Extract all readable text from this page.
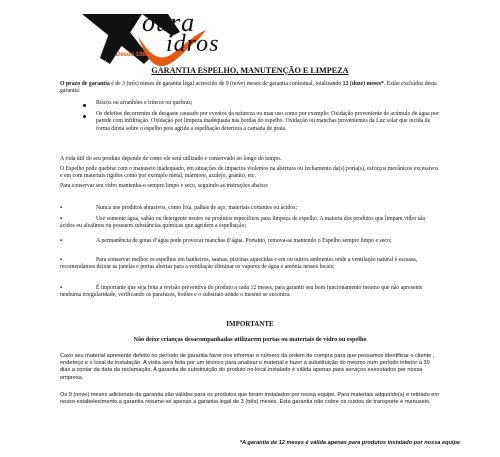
oura
idros
Desde 1980
GARANTIA ESPELHO, MANUTENÇÃO E LIMPEZA
O prazo de garantia é de 3 (três) meses de garantia legal acrescido de 9 (nove) meses de garantia contratual, totalizando 12 (doze) meses*. Estão excluídos desta garantia:
Riscos ou arranhões e trincos ou quebras;
Os defeitos decorrentes de desgaste causado por eventos da natureza ou mau uso como por exemplo: Oxidação proveniente de acúmulo de água por parede com infiltração. Oxidação por limpeza inadequada nas bordas do espelho. Oxidação ou manchas provenientes da Luz solar que incida de forma direta sobre o espelho pois agride a espelhação deteriora a camada de prata.
A vida útil do seu produto depende de como ele será utilizado e conservado ao longo do tempo.
O Espelho pode quebrar com o manuseio inadequado, em situações de impactos violentos na abertura ou fechamento da(s) porta(s), esforços mecânicos excessivos e em com materiais rígidos como por exemplo metal, mármore, azulejo, granito, etc.
Para conservar seu vidro mantenha-o sempre limpo e seco, seguindo as instruções abaixo:
▪	Nunca use produtos abrasivos, como lixa, palhas de aço, materiais cortantes ou ácidos;
▪	Use somente água, sabão ou detergente neutro ou produtos específicos para limpeza de espelho. A maioria dos produtos que limpam vidro são ácidos ou alcalinos ou possuem substâncias químicas que agridem a espelhação;
▪	A permanência de gotas d’água pode provocar manchas d’água. Portanto, remova-as mantendo o Espelho sempre limpo e seco;
▪	Para conservar melhor os espelhos em banheiros, saunas, piscinas aquecidas e em ou outros ambientes onde a ventilação natural é escassa, recomendamos deixar as janelas e portas abertas para a ventilação eliminar os vapores de água e amônia nesses locais;
▪	É importante que seja feita a revisão preventiva do produto a cada 12 meses, para garantir seu bom funcionamento mesmo que não apresente nenhuma irregularidade, verificando os parafusos, botões e o substrato aonde o mesmo se encontra.
IMPORTANTE
Não deixe crianças desacompanhadas utilizarem portas ou materiais de vidro ou espelho
Caso seu material apresente defeito no período de garantia favor nos informar o número da ordem de compra para que possamos identificar o cliente , endereço e o local de instalação. A visita será feita por um técnico para analisar o material e fazer a substituição do mesmo num período inferior a 30 dias a contar da data da reclamação. A garantia de substituição do produto no local instalado é válida apenas para serviços executados por nossa empresa.
Os 9 (nove) meses adicionais da garantia são válidos para os produtos que foram instalados por nossa equipe. Para materiais adquirido(s) e retirado em nosso estabelecimento a garantia resume-se apenas a garantia legal de 3 (três) meses. Esta garantia não cobre os custos de transporte e manuseio.
*A garantia de 12 meses é válida apenas para produtos instalado por nossa equipe
